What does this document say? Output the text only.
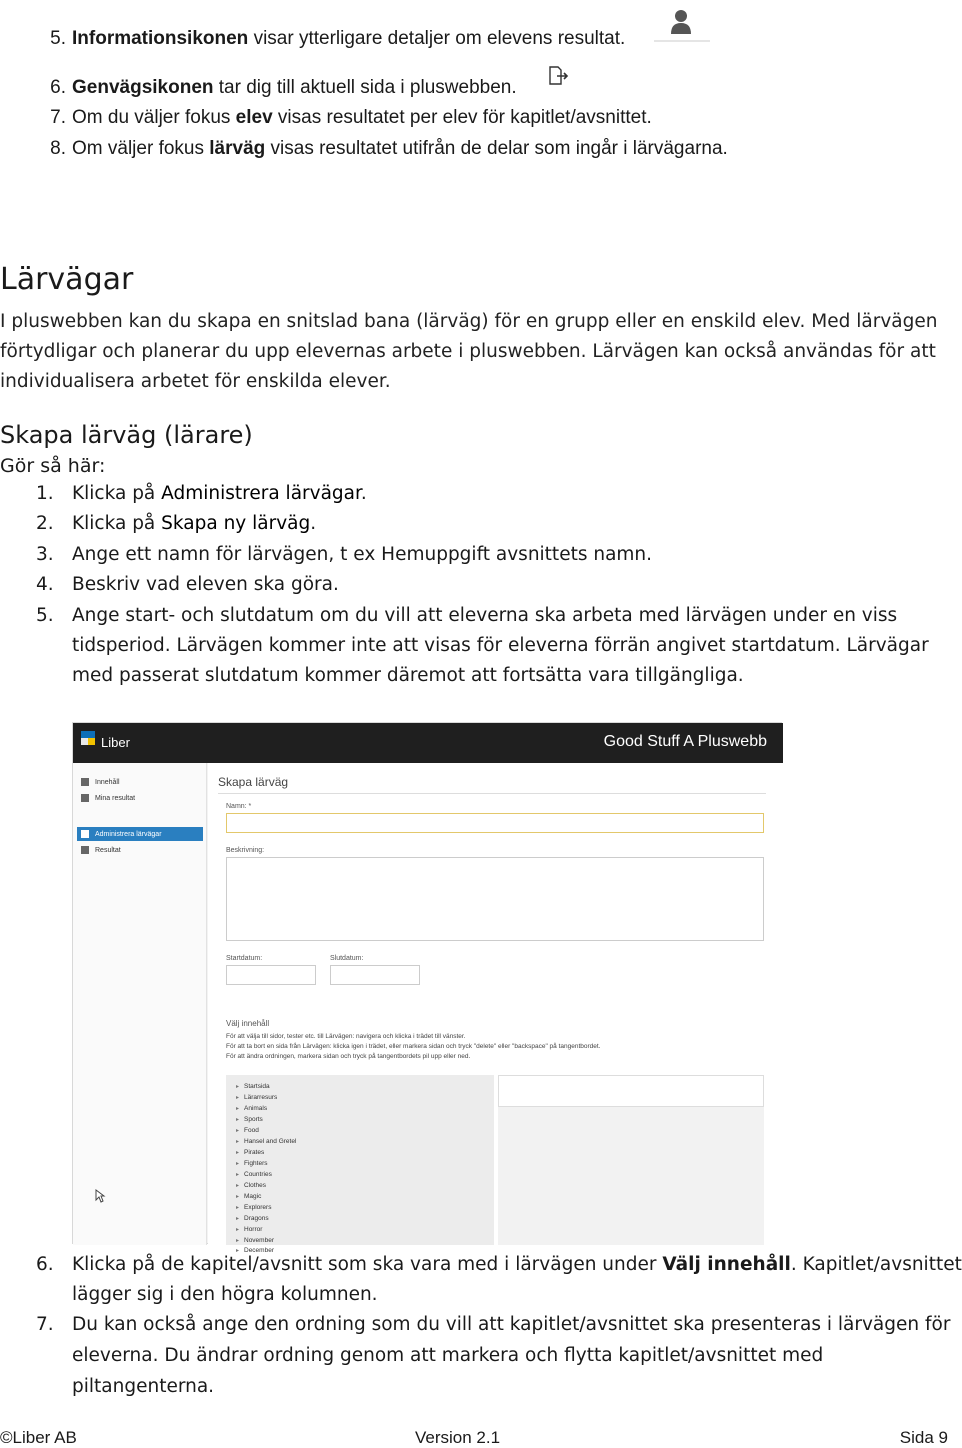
5. Informationsikonen visar ytterligare detaljer om elevens resultat.
6. Genvägsikonen tar dig till aktuell sida i pluswebben.
7. Om du väljer fokus elev visas resultatet per elev för kapitlet/avsnittet.
8. Om väljer fokus lärväg visas resultatet utifrån de delar som ingår i lärvägarna.
Lärvägar
I pluswebben kan du skapa en snitslad bana (lärväg) för en grupp eller en enskild elev. Med lärvägen
förtydligar och planerar du upp elevernas arbete i pluswebben. Lärvägen kan också användas för att
individualisera arbetet för enskilda elever.
Skapa lärväg (lärare)
Gör så här:
1. Klicka på Administrera lärvägar.
2. Klicka på Skapa ny lärväg.
3. Ange ett namn för lärvägen, t ex Hemuppgift avsnittets namn.
4. Beskriv vad eleven ska göra.
5. Ange start- och slutdatum om du vill att eleverna ska arbeta med lärvägen under en viss
tidsperiod. Lärvägen kommer inte att visas för eleverna förrän angivet startdatum. Lärvägar
med passerat slutdatum kommer däremot att fortsätta vara tillgängliga.
Liber	Good Stuff A Pluswebb
Innehåll
Mina resultat
Administrera lärvägar
Resultat
Skapa lärväg
Namn: *
Beskrivning:
Startdatum:	Slutdatum:
Välj innehåll
För att välja till sidor, tester etc. till Lärvägen: navigera och klicka i trädet till vänster.
För att ta bort en sida från Lärvägen: klicka igen i trädet, eller markera sidan och tryck "delete" eller "backspace" på tangentbordet.
För att ändra ordningen, markera sidan och tryck på tangentbordets pil upp eller ned.
▸ Startsida
▸ Lärarresurs
▸ Animals
▸ Sports
▸ Food
▸ Hansel and Gretel
▸ Pirates
▸ Fighters
▸ Countries
▸ Clothes
▸ Magic
▸ Explorers
▸ Dragons
▸ Horror
▸ November
▸ December
6. Klicka på de kapitel/avsnitt som ska vara med i lärvägen under Välj innehåll. Kapitlet/avsnittet
lägger sig i den högra kolumnen.
7. Du kan också ange den ordning som du vill att kapitlet/avsnittet ska presenteras i lärvägen för
eleverna. Du ändrar ordning genom att markera och flytta kapitlet/avsnittet med
piltangenterna.
©Liber AB	Version 2.1	Sida 9
